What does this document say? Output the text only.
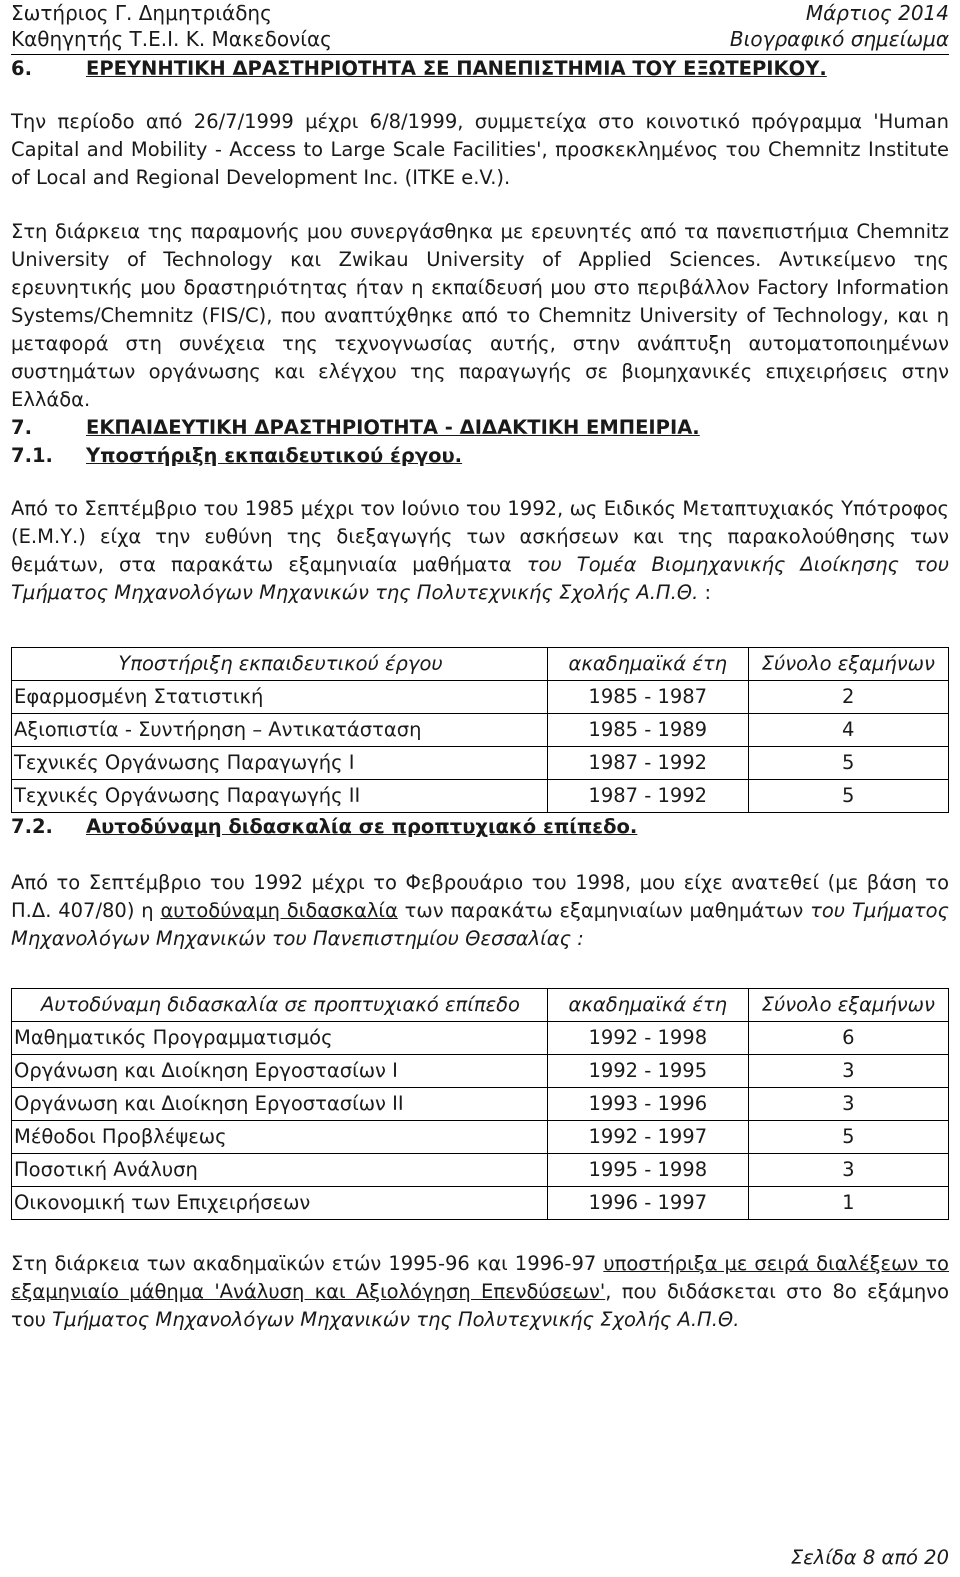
Σωτήριος Γ. Δημητριάδης
Καθηγητής Τ.Ε.Ι. Κ. Μακεδονίας
Μάρτιος 2014
Βιογραφικό σημείωμα
6.	ΕΡΕΥΝΗΤΙΚΗ ΔΡΑΣΤΗΡΙΟΤΗΤΑ ΣΕ ΠΑΝΕΠΙΣΤΗΜΙΑ ΤΟΥ ΕΞΩΤΕΡΙΚΟΥ.

Την περίοδο από 26/7/1999 μέχρι 6/8/1999, συμμετείχα στο κοινοτικό πρόγραμμα 'Human Capital and Mobility - Access to Large Scale Facilities', προσκεκλημένος του Chemnitz Institute of Local and Regional Development Inc. (ITKE e.V.).

Στη διάρκεια της παραμονής μου συνεργάσθηκα με ερευνητές από τα πανεπιστήμια Chemnitz University of Technology και Zwikau University of Applied Sciences. Αντικείμενο της ερευνητικής μου δραστηριότητας ήταν η εκπαίδευσή μου στο περιβάλλον Factory Information Systems/Chemnitz (FIS/C), που αναπτύχθηκε από το Chemnitz University of Technology, και η μεταφορά στη συνέχεια της τεχνογνωσίας αυτής, στην ανάπτυξη αυτοματοποιημένων συστημάτων οργάνωσης και ελέγχου της παραγωγής σε βιομηχανικές επιχειρήσεις στην Ελλάδα.

7.	ΕΚΠΑΙΔΕΥΤΙΚΗ ΔΡΑΣΤΗΡΙΟΤΗΤΑ - ΔΙΔΑΚΤΙΚΗ ΕΜΠΕΙΡΙΑ.
7.1. Υποστήριξη εκπαιδευτικού έργου.

Από το Σεπτέμβριο του 1985 μέχρι τον Ιούνιο του 1992, ως Ειδικός Μεταπτυχιακός Υπότροφος (Ε.Μ.Υ.) είχα την ευθύνη της διεξαγωγής των ασκήσεων και της παρακολούθησης των θεμάτων, στα παρακάτω εξαμηνιαία μαθήματα του Τομέα Βιομηχανικής Διοίκησης του Τμήματος Μηχανολόγων Μηχανικών της Πολυτεχνικής Σχολής Α.Π.Θ. :

Υποστήριξη εκπαιδευτικού έργου	ακαδημαϊκά έτη	Σύνολο εξαμήνων
Εφαρμοσμένη Στατιστική	1985 - 1987	2
Αξιοπιστία - Συντήρηση – Αντικατάσταση	1985 - 1989	4
Τεχνικές Οργάνωσης Παραγωγής Ι	1987 - 1992	5
Τεχνικές Οργάνωσης Παραγωγής ΙΙ	1987 - 1992	5
7.2. Αυτοδύναμη διδασκαλία σε προπτυχιακό επίπεδο.

Από το Σεπτέμβριο του 1992 μέχρι το Φεβρουάριο του 1998, μου είχε ανατεθεί (με βάση το Π.Δ. 407/80) η αυτοδύναμη διδασκαλία των παρακάτω εξαμηνιαίων μαθημάτων του Τμήματος Μηχανολόγων Μηχανικών του Πανεπιστημίου Θεσσαλίας :

Αυτοδύναμη διδασκαλία σε προπτυχιακό επίπεδο	ακαδημαϊκά έτη	Σύνολο εξαμήνων
Μαθηματικός Προγραμματισμός	1992 - 1998	6
Οργάνωση και Διοίκηση Εργοστασίων Ι	1992 - 1995	3
Οργάνωση και Διοίκηση Εργοστασίων ΙΙ	1993 - 1996	3
Μέθοδοι Προβλέψεως	1992 - 1997	5
Ποσοτική Ανάλυση	1995 - 1998	3
Οικονομική των Επιχειρήσεων	1996 - 1997	1

Στη διάρκεια των ακαδημαϊκών ετών 1995-96 και 1996-97 υποστήριξα με σειρά διαλέξεων το εξαμηνιαίο μάθημα 'Ανάλυση και Αξιολόγηση Επενδύσεων', που διδάσκεται στο 8ο εξάμηνο του Τμήματος Μηχανολόγων Μηχανικών της Πολυτεχνικής Σχολής Α.Π.Θ.

Σελίδα 8 από 20
